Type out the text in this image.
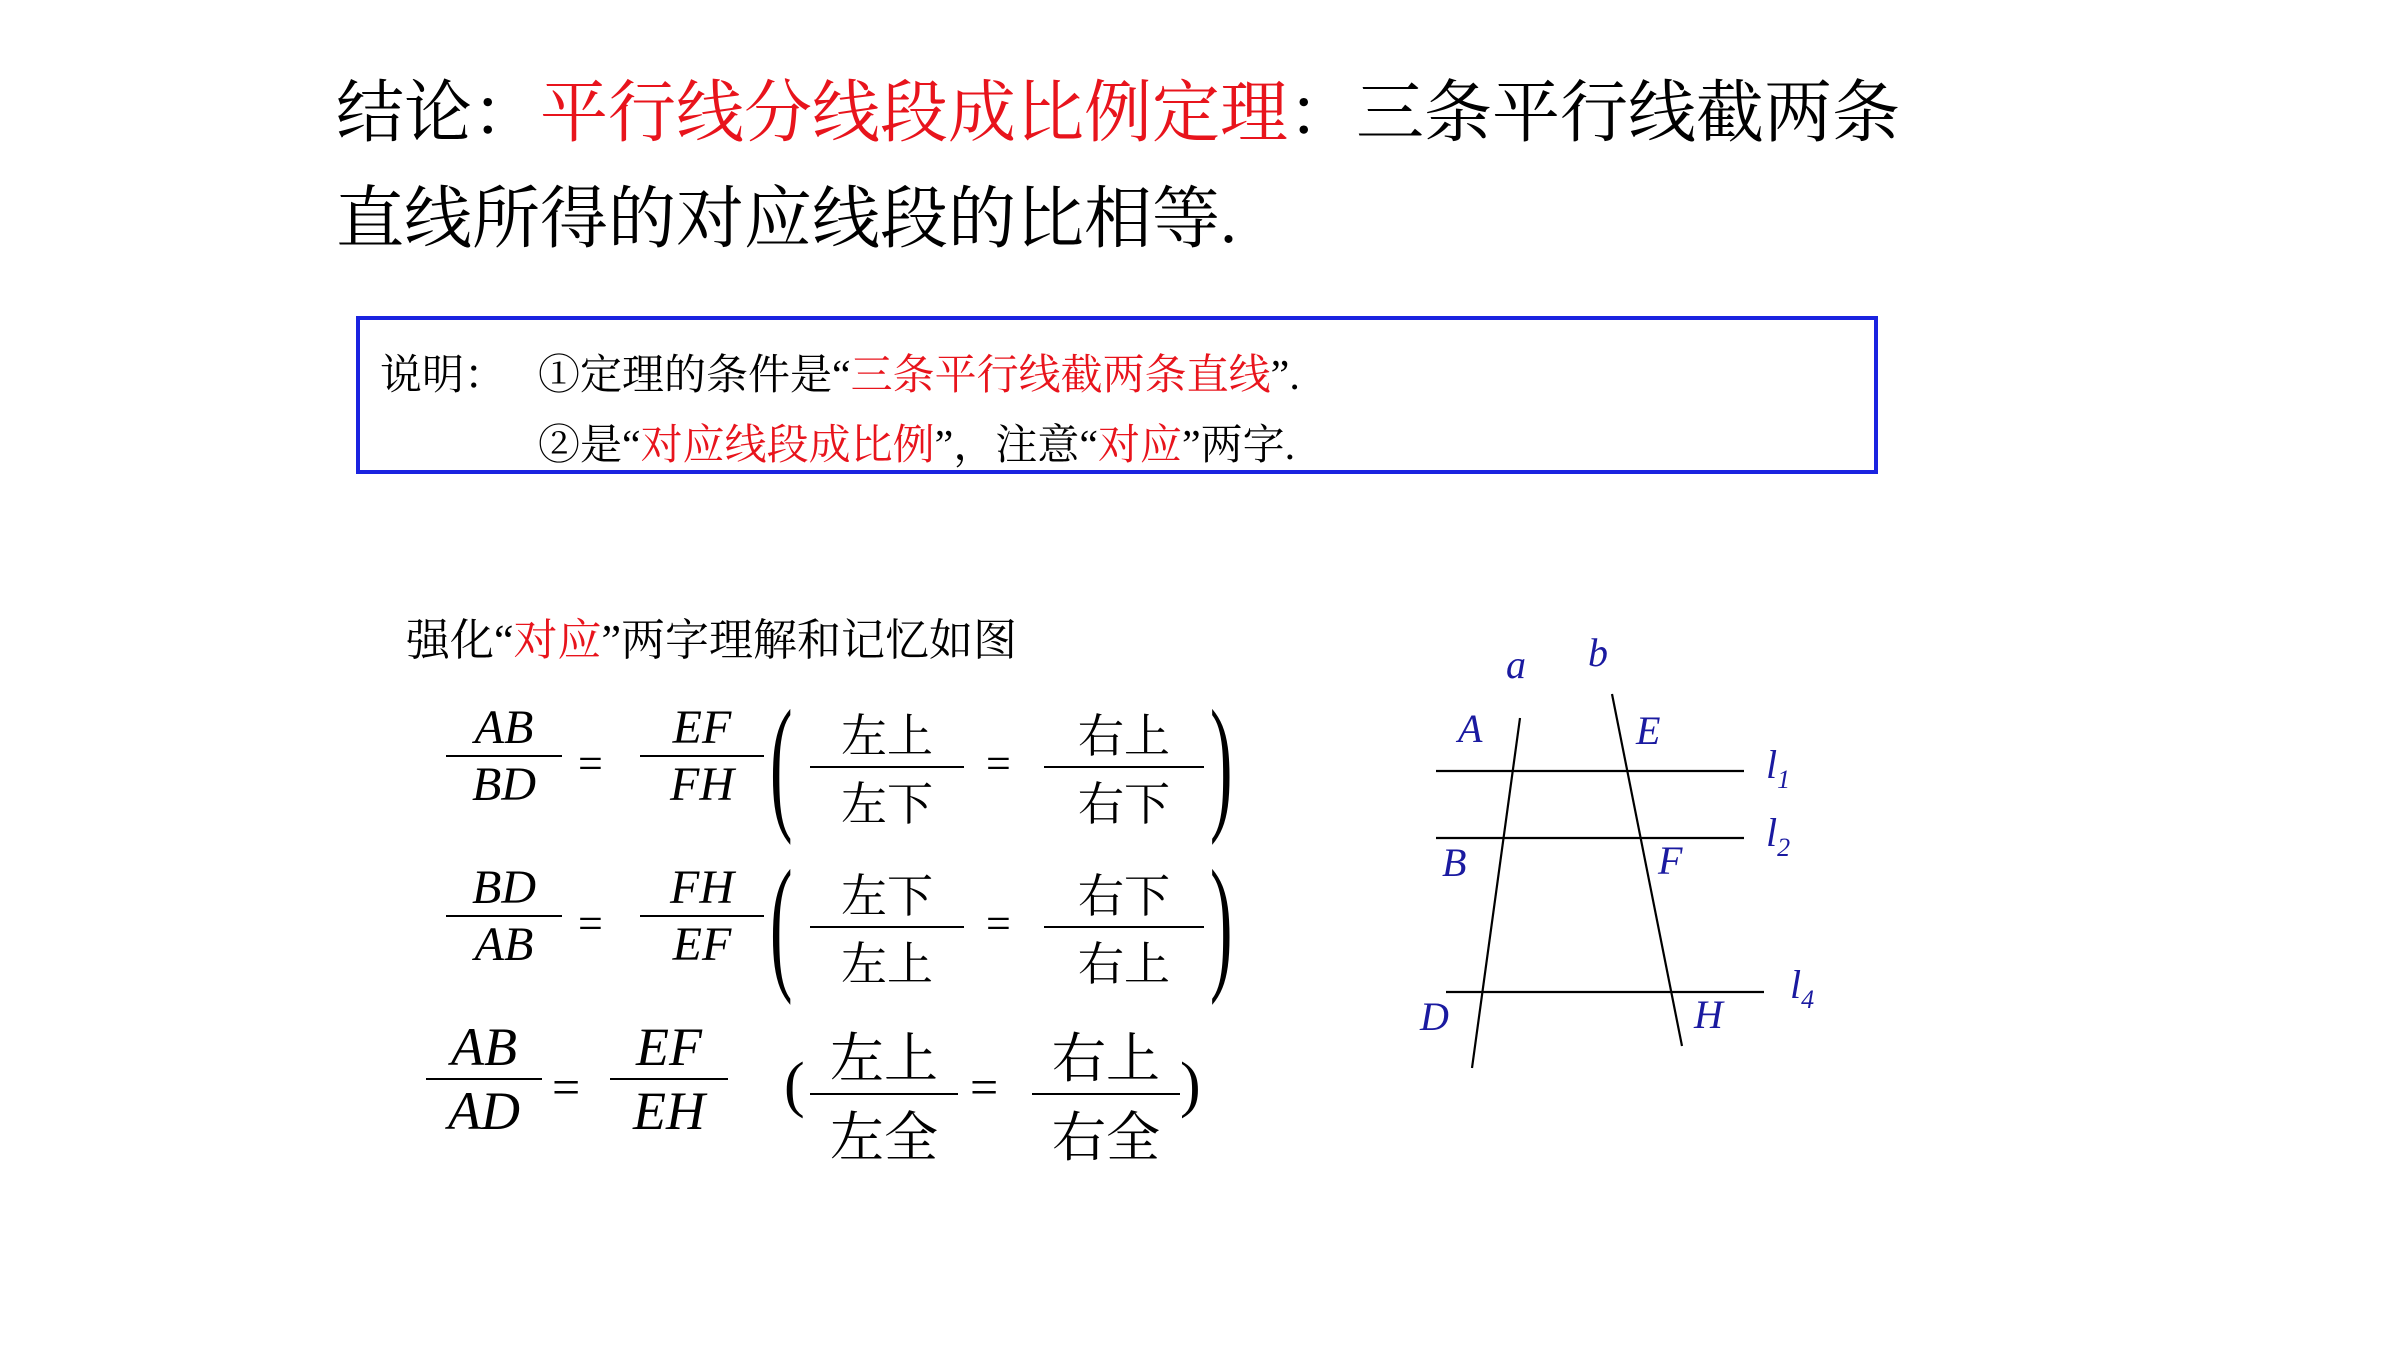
结论：平行线分线段成比例定理：三条平行线截两条
直线所得的对应线段的比相等.
说明： ①定理的条件是“三条平行线截两条直线”.
②是“对应线段成比例”，注意“对应”两字.
强化“对应”两字理解和记忆如图
AB
BD =
EF
FH ( 左上
左下
=
右上
右下 )
BD
AB =
FH
EF ( 左下
左上
=
右下
右上 )
AB
AD =
EF
EH ( 左上
左全
= 右上
右全
)
a b
A	E
B	F
D	H
$l_1$
$l_2$
$l_4$
